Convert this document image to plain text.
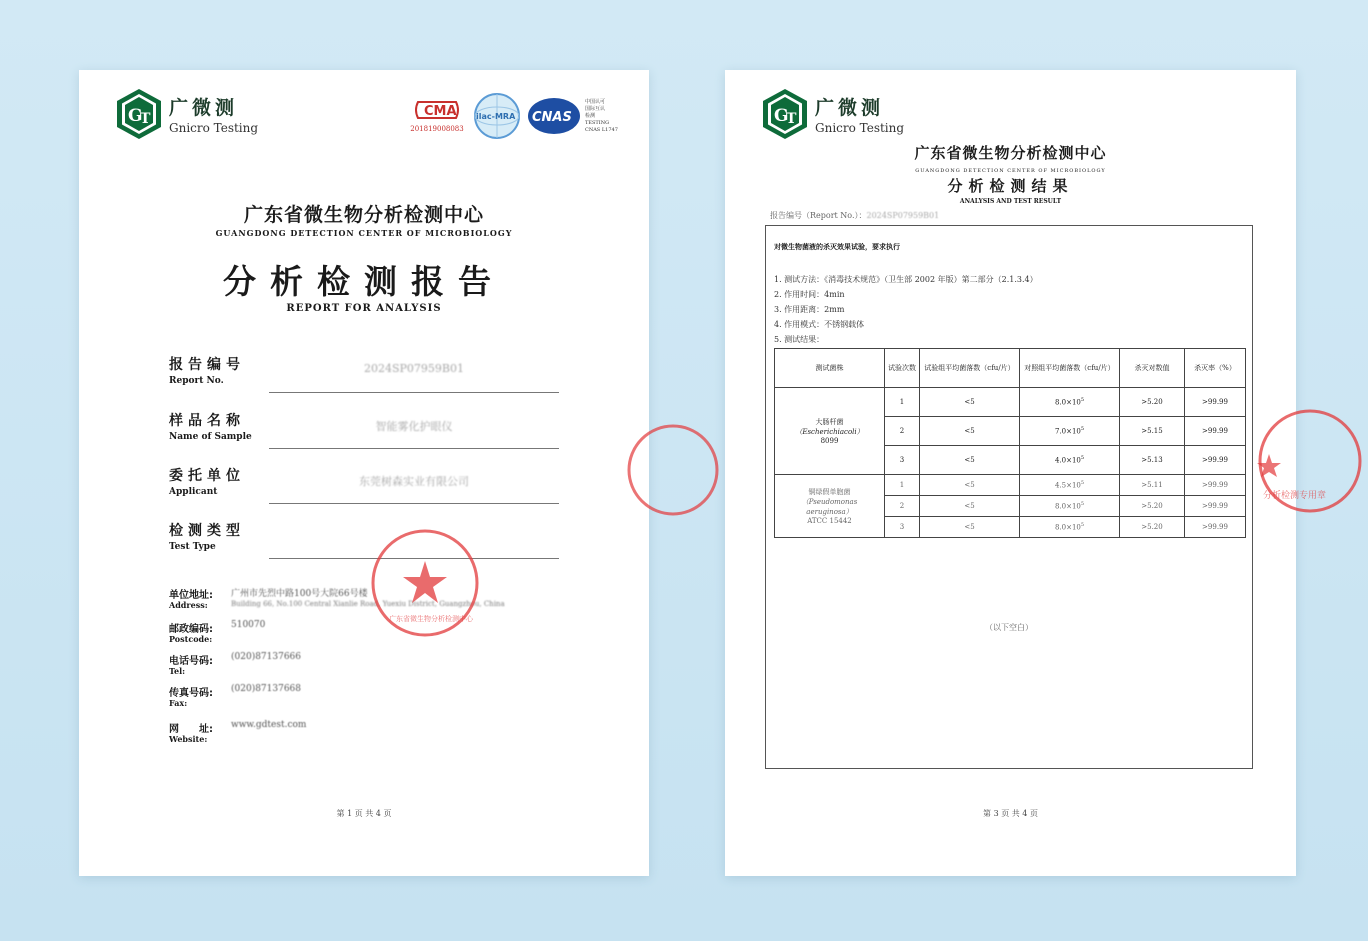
G
T 广微测
Gnicro Testing
CMA
201819008083
ilac-MRA CNAS
中国认可
国际互认
检测
TESTING
CNAS L1747
广东省微生物分析检测中心
GUANGDONG DETECTION CENTER OF MICROBIOLOGY
分析检测报告
REPORT FOR ANALYSIS
报告编号
Report No.
2024SP07959B01
样品名称
Name of Sample
智能雾化护眼仪
委托单位
Applicant
东莞树森实业有限公司
检测类型
Test Type
单位地址:
Address:
广州市先烈中路100号大院66号楼
Building 66, No.100 Central Xianlie Road, Yuexiu District, Guangzhou, China
邮政编码:
Postcode:
510070
电话号码:
Tel:
(020)87137666
传真号码:
Fax:
(020)87137668
网　　址:
Website:
www.gdtest.com
广东省微生物分析检测中心
第 1 页 共 4 页
G
T 广微测
Gnicro Testing
广东省微生物分析检测中心
GUANGDONG DETECTION CENTER OF MICROBIOLOGY
分析检测结果
ANALYSIS AND TEST RESULT
报告编号（Report No.）：2024SP07959B01
对微生物菌液的杀灭效果试验，要求执行
1. 测试方法：《消毒技术规范》（卫生部 2002 年版）第二部分（2.1.3.4）
2. 作用时间：4min
3. 作用距离：2mm
4. 作用模式：不锈钢载体
5. 测试结果：
测试菌株	试验次数	试验组平均菌落数（cfu/片）	对照组平均菌落数（cfu/片）	杀灭对数值	杀灭率（%）

大肠杆菌
（Escherichiacoli）
8099	1	<5	$8.0\times 10^5$	>5.20	>99.99
	2	<5	$7.0\times 10^5$	>5.15	>99.99
	3	<5	$4.0\times 10^5$	>5.13	>99.99

铜绿假单胞菌
（Pseudomonas
aeruginosa）
ATCC 15442	1	<5	$4.5\times 10^5$	>5.11	>99.99
	2	<5	$8.0\times 10^5$	>5.20	>99.99
	3	<5	$8.0\times 10^5$	>5.20	>99.99
（以下空白）
分析检测专用章
第 3 页 共 4 页
